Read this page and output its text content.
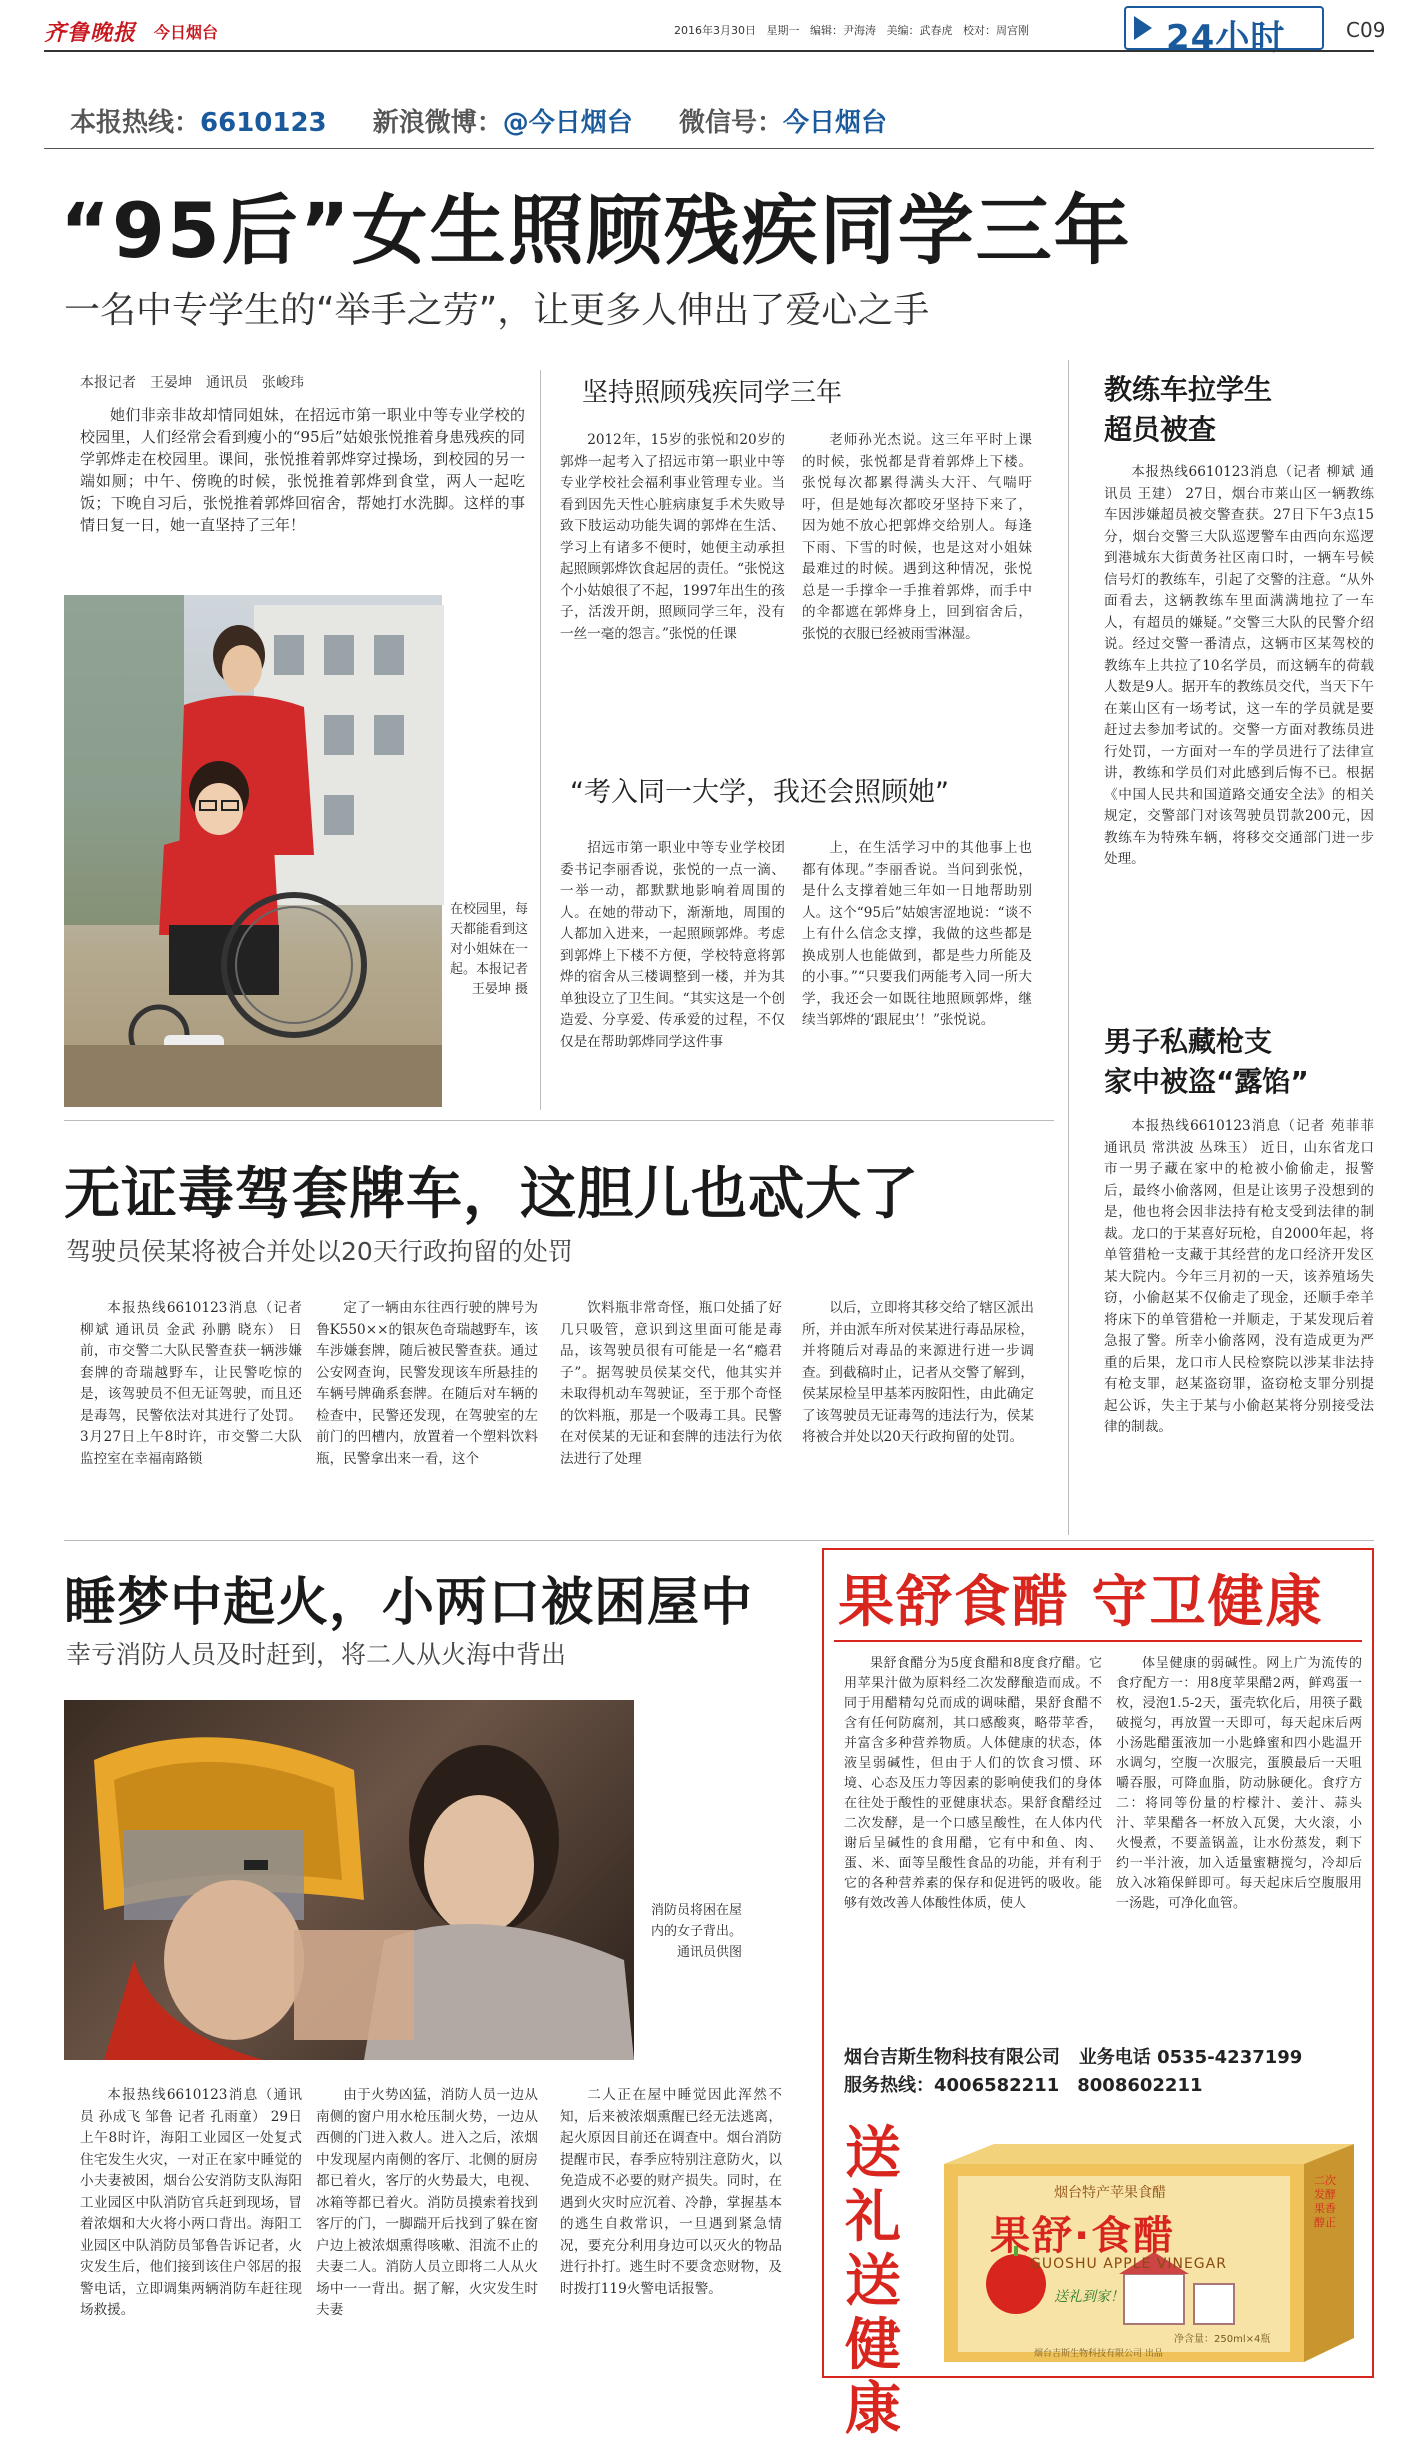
齐鲁晚报 今日烟台	2016年3月30日 星期一 编辑：尹海涛 美编：武春虎 校对：周宫刚	24小时	C09
本报热线：6610123 新浪微博：@今日烟台 微信号：今日烟台
“95后”女生照顾残疾同学三年
一名中专学生的“举手之劳”，让更多人伸出了爱心之手
本报记者　王晏坤　通讯员　张峻玮

她们非亲非故却情同姐妹，在招远市第一职业中等专业学校的校园里，人们经常会看到瘦小的“95后”姑娘张悦推着身患残疾的同学郭烨走在校园里。课间，张悦推着郭烨穿过操场，到校园的另一端如厕；中午、傍晚的时候，张悦推着郭烨到食堂，两人一起吃饭；下晚自习后，张悦推着郭烨回宿舍，帮她打水洗脚。这样的事情日复一日，她一直坚持了三年！

在校园里，每天都能看到这对小姐妹在一起。本报记者 王晏坤 摄
坚持照顾残疾同学三年

2012年，15岁的张悦和20岁的郭烨一起考入了招远市第一职业中等专业学校社会福利事业管理专业。当看到因先天性心脏病康复手术失败导致下肢运动功能失调的郭烨在生活、学习上有诸多不便时，她便主动承担起照顾郭烨饮食起居的责任。“张悦这个小姑娘很了不起，1997年出生的孩子，活泼开朗，照顾同学三年，没有一丝一毫的怨言。”张悦的任课

老师孙光杰说。这三年平时上课的时候，张悦都是背着郭烨上下楼。张悦每次都累得满头大汗、气喘吁吁，但是她每次都咬牙坚持下来了，因为她不放心把郭烨交给别人。每逢下雨、下雪的时候，也是这对小姐妹最难过的时候。遇到这种情况，张悦总是一手撑伞一手推着郭烨，而手中的伞都遮在郭烨身上，回到宿舍后，张悦的衣服已经被雨雪淋湿。

“考入同一大学，我还会照顾她”

招远市第一职业中等专业学校团委书记李丽香说，张悦的一点一滴、一举一动，都默默地影响着周围的人。在她的带动下，渐渐地，周围的人都加入进来，一起照顾郭烨。考虑到郭烨上下楼不方便，学校特意将郭烨的宿舍从三楼调整到一楼，并为其单独设立了卫生间。“其实这是一个创造爱、分享爱、传承爱的过程，不仅仅是在帮助郭烨同学这件事

上，在生活学习中的其他事上也都有体现。”李丽香说。当问到张悦，是什么支撑着她三年如一日地帮助别人。这个“95后”姑娘害涩地说：“谈不上有什么信念支撑，我做的这些都是换成别人也能做到，都是些力所能及的小事。”“只要我们两能考入同一所大学，我还会一如既往地照顾郭烨，继续当郭烨的‘跟屁虫’！”张悦说。

教练车拉学生
超员被查

本报热线6610123消息（记者 柳斌 通讯员 王建） 27日，烟台市莱山区一辆教练车因涉嫌超员被交警查获。27日下午3点15分，烟台交警三大队巡逻警车由西向东巡逻到港城东大街黄务社区南口时，一辆车号候信号灯的教练车，引起了交警的注意。“从外面看去，这辆教练车里面满满地拉了一车人，有超员的嫌疑。”交警三大队的民警介绍说。经过交警一番清点，这辆市区某驾校的教练车上共拉了10名学员，而这辆车的荷载人数是9人。据开车的教练员交代，当天下午在莱山区有一场考试，这一车的学员就是要赶过去参加考试的。交警一方面对教练员进行处罚，一方面对一车的学员进行了法律宣讲，教练和学员们对此感到后悔不已。根据《中国人民共和国道路交通安全法》的相关规定，交警部门对该驾驶员罚款200元，因教练车为特殊车辆，将移交交通部门进一步处理。

男子私藏枪支
家中被盗“露馅”

本报热线6610123消息（记者 苑菲菲 通讯员 常洪波 丛珠玉） 近日，山东省龙口市一男子藏在家中的枪被小偷偷走，报警后，最终小偷落网，但是让该男子没想到的是，他也将会因非法持有枪支受到法律的制裁。龙口的于某喜好玩枪，自2000年起，将单管猎枪一支藏于其经营的龙口经济开发区某大院内。今年三月初的一天，该养殖场失窃，小偷赵某不仅偷走了现金，还顺手牵羊将床下的单管猎枪一并顺走，于某发现后着急报了警。所幸小偷落网，没有造成更为严重的后果，龙口市人民检察院以涉某非法持有枪支罪，赵某盗窃罪，盗窃枪支罪分别提起公诉，失主于某与小偷赵某将分别接受法律的制裁。

无证毒驾套牌车，这胆儿也忒大了
驾驶员侯某将被合并处以20天行政拘留的处罚

本报热线6610123消息（记者 柳斌 通讯员 金武 孙鹏 晓东） 日前，市交警二大队民警查获一辆涉嫌套牌的奇瑞越野车，让民警吃惊的是，该驾驶员不但无证驾驶，而且还是毒驾，民警依法对其进行了处罚。3月27日上午8时许，市交警二大队监控室在幸福南路锁

定了一辆由东往西行驶的牌号为鲁K550××的银灰色奇瑞越野车，该车涉嫌套牌，随后被民警查获。通过公安网查询，民警发现该车所悬挂的车辆号牌确系套牌。在随后对车辆的检查中，民警还发现，在驾驶室的左前门的凹槽内，放置着一个塑料饮料瓶，民警拿出来一看，这个

饮料瓶非常奇怪，瓶口处插了好几只吸管，意识到这里面可能是毒品，该驾驶员很有可能是一名“瘾君子”。据驾驶员侯某交代，他其实并未取得机动车驾驶证，至于那个奇怪的饮料瓶，那是一个吸毒工具。民警在对侯某的无证和套牌的违法行为依法进行了处理

以后，立即将其移交给了辖区派出所，并由派车所对侯某进行毒品尿检，并将随后对毒品的来源进行进一步调查。到截稿时止，记者从交警了解到，侯某尿检呈甲基苯丙胺阳性，由此确定了该驾驶员无证毒驾的违法行为，侯某将被合并处以20天行政拘留的处罚。

睡梦中起火，小两口被困屋中
幸亏消防人员及时赶到，将二人从火海中背出
消防员将困在屋内的女子背出。通讯员供图

本报热线6610123消息（通讯员 孙成飞 邹鲁 记者 孔雨童） 29日上午8时许，海阳工业园区一处复式住宅发生火灾，一对正在家中睡觉的小夫妻被困，烟台公安消防支队海阳工业园区中队消防官兵赶到现场，冒着浓烟和大火将小两口背出。海阳工业园区中队消防员邹鲁告诉记者，火灾发生后，他们接到该住户邻居的报警电话，立即调集两辆消防车赶往现场救援。

由于火势凶猛，消防人员一边从南侧的窗户用水枪压制火势，一边从西侧的门进入救人。进入之后，浓烟中发现屋内南侧的客厅、北侧的厨房都已着火，客厅的火势最大，电视、冰箱等都已着火。消防员摸索着找到客厅的门，一脚踹开后找到了躲在窗户边上被浓烟熏得咳嗽、泪流不止的夫妻二人。消防人员立即将二人从火场中一一背出。据了解，火灾发生时夫妻

二人正在屋中睡觉因此浑然不知，后来被浓烟熏醒已经无法逃离，起火原因目前还在调查中。烟台消防提醒市民，春季应特别注意防火，以免造成不必要的财产损失。同时，在遇到火灾时应沉着、冷静，掌握基本的逃生自救常识，一旦遇到紧急情况，要充分利用身边可以灭火的物品进行扑打。逃生时不要贪恋财物，及时拨打119火警电话报警。

果舒食醋 守卫健康

果舒食醋分为5度食醋和8度食疗醋。它用苹果汁做为原料经二次发酵酿造而成。不同于用醋精勾兑而成的调味醋，果舒食醋不含有任何防腐剂，其口感酸爽，略带苹香，并富含多种营养物质。人体健康的状态，体液呈弱碱性，但由于人们的饮食习惯、环境、心态及压力等因素的影响使我们的身体在往处于酸性的亚健康状态。果舒食醋经过二次发酵，是一个口感呈酸性，在人体内代谢后呈碱性的食用醋，它有中和鱼、肉、蛋、米、面等呈酸性食品的功能，并有利于它的各种营养素的保存和促进钙的吸收。能够有效改善人体酸性体质，使人

体呈健康的弱碱性。网上广为流传的食疗配方一：用8度苹果醋2两，鲜鸡蛋一枚，浸泡1.5-2天，蛋壳软化后，用筷子戳破搅匀，再放置一天即可，每天起床后两小汤匙醋蛋液加一小匙蜂蜜和四小匙温开水调匀，空腹一次服完，蛋膜最后一天咀嚼吞服，可降血脂，防动脉硬化。食疗方二：将同等份量的柠檬汁、姜汁、蒜头汁、苹果醋各一杯放入瓦煲，大火滚，小火慢煮，不要盖锅盖，让水份蒸发，剩下约一半汁液，加入适量蜜糖搅匀，冷却后放入冰箱保鲜即可。每天起床后空腹服用一汤匙，可净化血管。

烟台吉斯生物科技有限公司 业务电话 0535-4237199
服务热线：4006582211　8008602211
送礼送健康
烟台特产苹果食醋
果舒·食醋
GUOSHU APPLE VINEGAR
送礼到家！
二次发酵 果香醇正
净含量：250ml×4瓶
烟台吉斯生物科技有限公司 出品
